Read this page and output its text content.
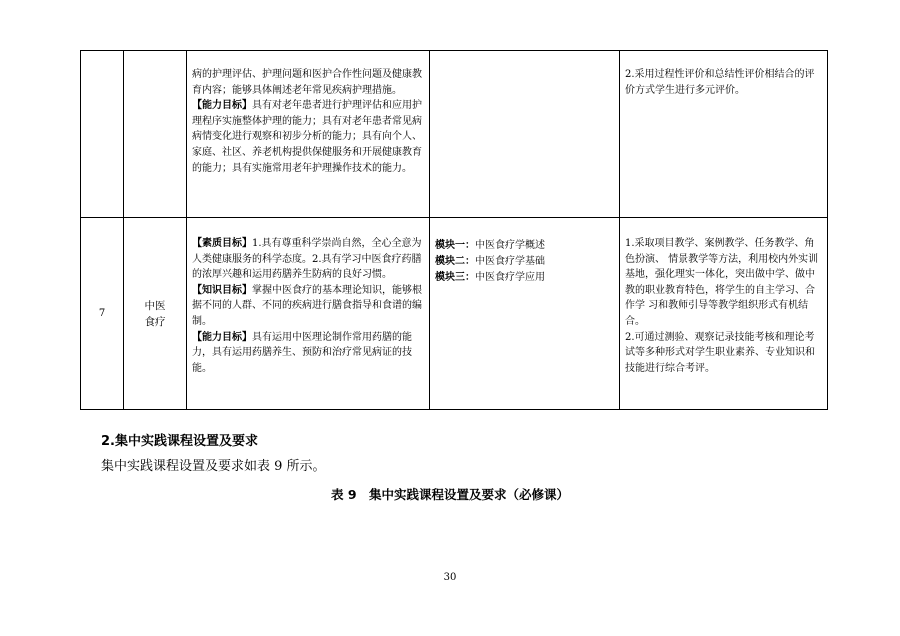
		病的护理评估、护理问题和医护合作性问题及健康教育内容；能够具体阐述老年常见疾病护理措施。
【能力目标】具有对老年患者进行护理评估和应用护理程序实施整体护理的能力；具有对老年患者常见病病情变化进行观察和初步分析的能力；具有向个人、家庭、社区、养老机构提供保健服务和开展健康教育的能力；具有实施常用老年护理操作技术的能力。		2.采用过程性评价和总结性评价相结合的评价方式学生进行多元评价。

7	中医食疗	【素质目标】1.具有尊重科学崇尚自然，全心全意为人类健康服务的科学态度。2.具有学习中医食疗药膳的浓厚兴趣和运用药膳养生防病的良好习惯。
【知识目标】掌握中医食疗的基本理论知识，能够根据不同的人群、不同的疾病进行膳食指导和食谱的编制。
【能力目标】具有运用中医理论制作常用药膳的能力，具有运用药膳养生、预防和治疗常见病证的技能。	模块一：中医食疗学概述
模块二：中医食疗学基础
模块三：中医食疗学应用	1.采取项目教学、案例教学、任务教学、角色扮演、 情景教学等方法，利用校内外实训基地，强化理实一体化，突出做中学、做中教的职业教育特色，将学生的自主学习、合作学 习和教师引导等教学组织形式有机结合。
2.可通过测验、观察记录技能考核和理论考试等多种形式对学生职业素养、专业知识和技能进行综合考评。

2.集中实践课程设置及要求

集中实践课程设置及要求如表 9 所示。

表 9　集中实践课程设置及要求（必修课）

30
